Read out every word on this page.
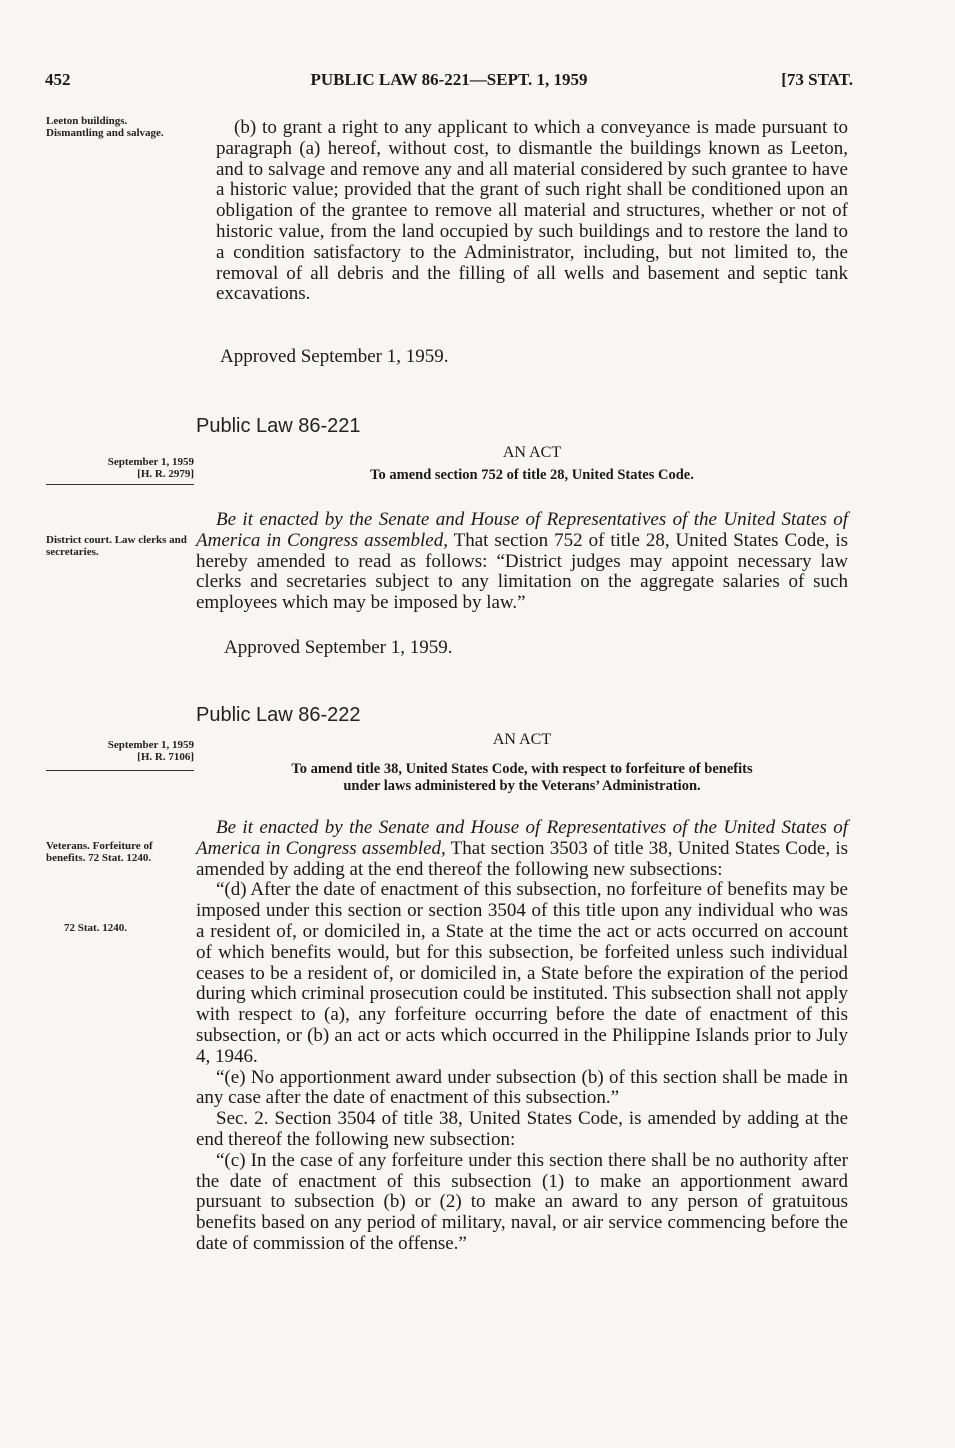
452	PUBLIC LAW 86-221—SEPT. 1, 1959	[73 STAT.
Leeton buildings.
Dismantling and salvage.	(b) to grant a right to any applicant to which a conveyance is made pursuant to paragraph (a) hereof, without cost, to dismantle the buildings known as Leeton, and to salvage and remove any and all material considered by such grantee to have a historic value; provided that the grant of such right shall be conditioned upon an obligation of the grantee to remove all material and structures, whether or not of historic value, from the land occupied by such buildings and to restore the land to a condition satisfactory to the Administrator, including, but not limited to, the removal of all debris and the filling of all wells and basement and septic tank excavations.

Approved September 1, 1959.
Public Law 86-221
AN ACT
September 1, 1959
[H. R. 2979]	To amend section 752 of title 28, United States Code.
District court. Law clerks and secretaries.
Be it enacted by the Senate and House of Representatives of the United States of America in Congress assembled, That section 752 of title 28, United States Code, is hereby amended to read as follows: “District judges may appoint necessary law clerks and secretaries subject to any limitation on the aggregate salaries of such employees which may be imposed by law.”
Approved September 1, 1959.
Public Law 86-222
AN ACT
September 1, 1959
[H. R. 7106]
To amend title 38, United States Code, with respect to forfeiture of benefits
under laws administered by the Veterans’ Administration.
Veterans. Forfeiture of benefits. 72 Stat. 1240.
72 Stat. 1240.

Be it enacted by the Senate and House of Representatives of the United States of America in Congress assembled, That section 3503 of title 38, United States Code, is amended by adding at the end thereof the following new subsections:

“(d) After the date of enactment of this subsection, no forfeiture of benefits may be imposed under this section or section 3504 of this title upon any individual who was a resident of, or domiciled in, a State at the time the act or acts occurred on account of which benefits would, but for this subsection, be forfeited unless such individual ceases to be a resident of, or domiciled in, a State before the expiration of the period during which criminal prosecution could be instituted. This subsection shall not apply with respect to (a), any forfeiture occurring before the date of enactment of this subsection, or (b) an act or acts which occurred in the Philippine Islands prior to July 4, 1946.

“(e) No apportionment award under subsection (b) of this section shall be made in any case after the date of enactment of this subsection.”

Sec. 2. Section 3504 of title 38, United States Code, is amended by adding at the end thereof the following new subsection:

“(c) In the case of any forfeiture under this section there shall be no authority after the date of enactment of this subsection (1) to make an apportionment award pursuant to subsection (b) or (2) to make an award to any person of gratuitous benefits based on any period of military, naval, or air service commencing before the date of commission of the offense.”
